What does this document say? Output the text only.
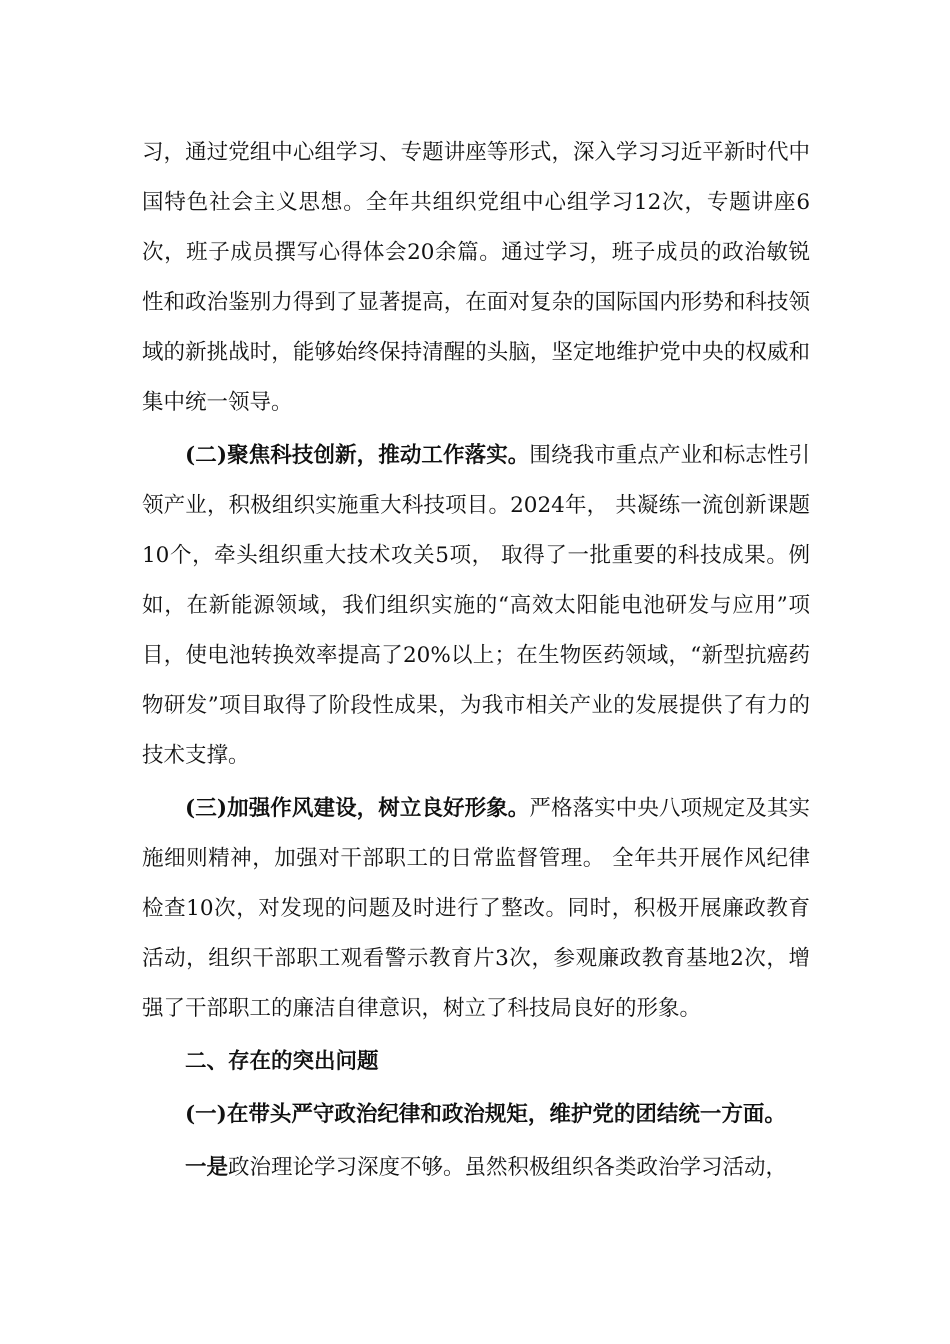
习，通过党组中心组学习、专题讲座等形式，深入学习习近平新时代中国特色社会主义思想。全年共组织党组中心组学习12次，专题讲座6次，班子成员撰写心得体会20余篇。通过学习，班子成员的政治敏锐性和政治鉴别力得到了显著提高，在面对复杂的国际国内形势和科技领域的新挑战时，能够始终保持清醒的头脑，坚定地维护党中央的权威和集中统一领导。

(二)聚焦科技创新，推动工作落实。围绕我市重点产业和标志性引领产业，积极组织实施重大科技项目。2024年， 共凝练一流创新课题10个，牵头组织重大技术攻关5项， 取得了一批重要的科技成果。例如，在新能源领域，我们组织实施的“高效太阳能电池研发与应用”项目，使电池转换效率提高了20%以上；在生物医药领域，“新型抗癌药物研发”项目取得了阶段性成果，为我市相关产业的发展提供了有力的技术支撑。

(三)加强作风建设，树立良好形象。严格落实中央八项规定及其实施细则精神，加强对干部职工的日常监督管理。 全年共开展作风纪律检查10次，对发现的问题及时进行了整改。同时，积极开展廉政教育活动，组织干部职工观看警示教育片3次，参观廉政教育基地2次，增强了干部职工的廉洁自律意识，树立了科技局良好的形象。

二、存在的突出问题

(一)在带头严守政治纪律和政治规矩，维护党的团结统一方面。

一是政治理论学习深度不够。虽然积极组织各类政治学习活动，
